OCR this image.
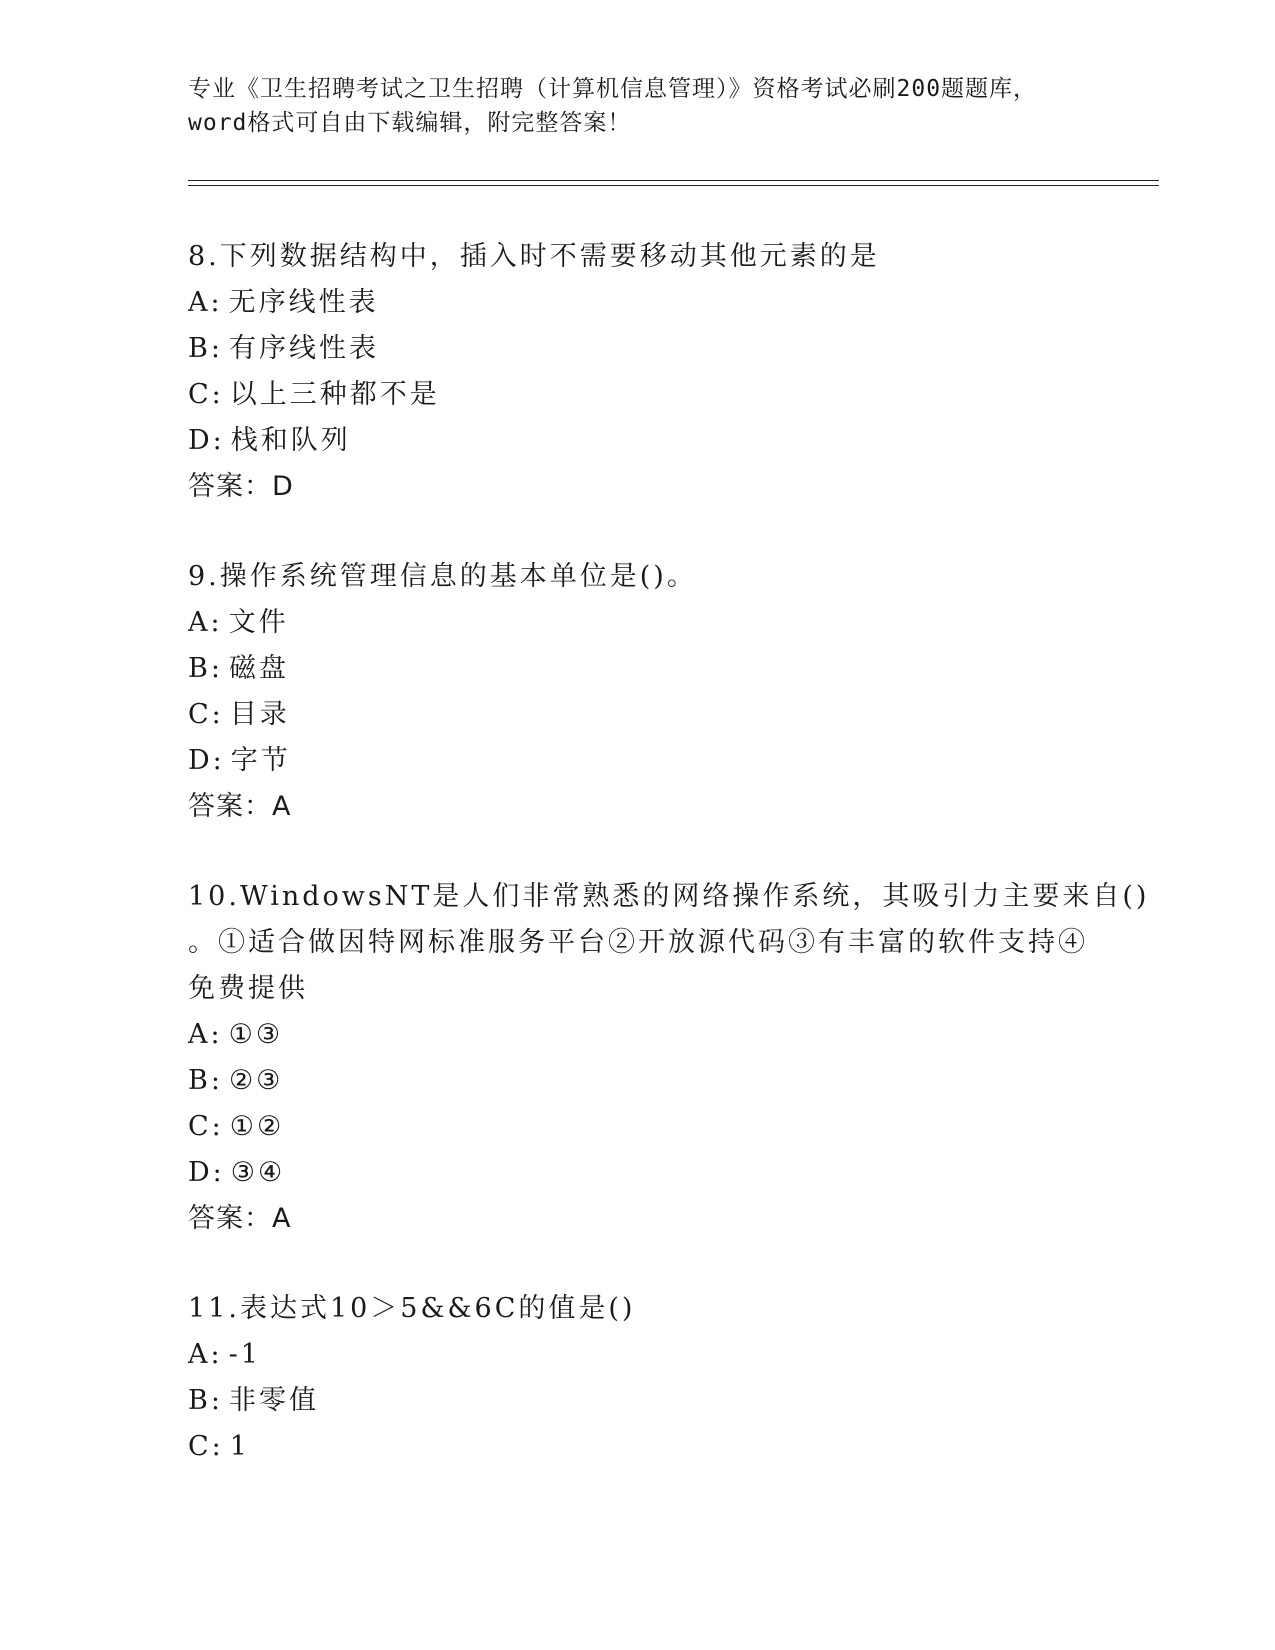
专业《卫生招聘考试之卫生招聘（计算机信息管理）》资格考试必刷200题题库，
word格式可自由下载编辑，附完整答案！
8.下列数据结构中，插入时不需要移动其他元素的是
A: 无序线性表
B: 有序线性表
C: 以上三种都不是
D: 栈和队列
答案：D
9.操作系统管理信息的基本单位是()。
A: 文件
B: 磁盘
C: 目录
D: 字节
答案：A
10.WindowsNT是人们非常熟悉的网络操作系统，其吸引力主要来自()
。①适合做因特网标准服务平台②开放源代码③有丰富的软件支持④
免费提供
A: ①③
B: ②③
C: ①②
D: ③④
答案：A
11.表达式10＞5&&6C的值是()
A: -1
B: 非零值
C: 1
